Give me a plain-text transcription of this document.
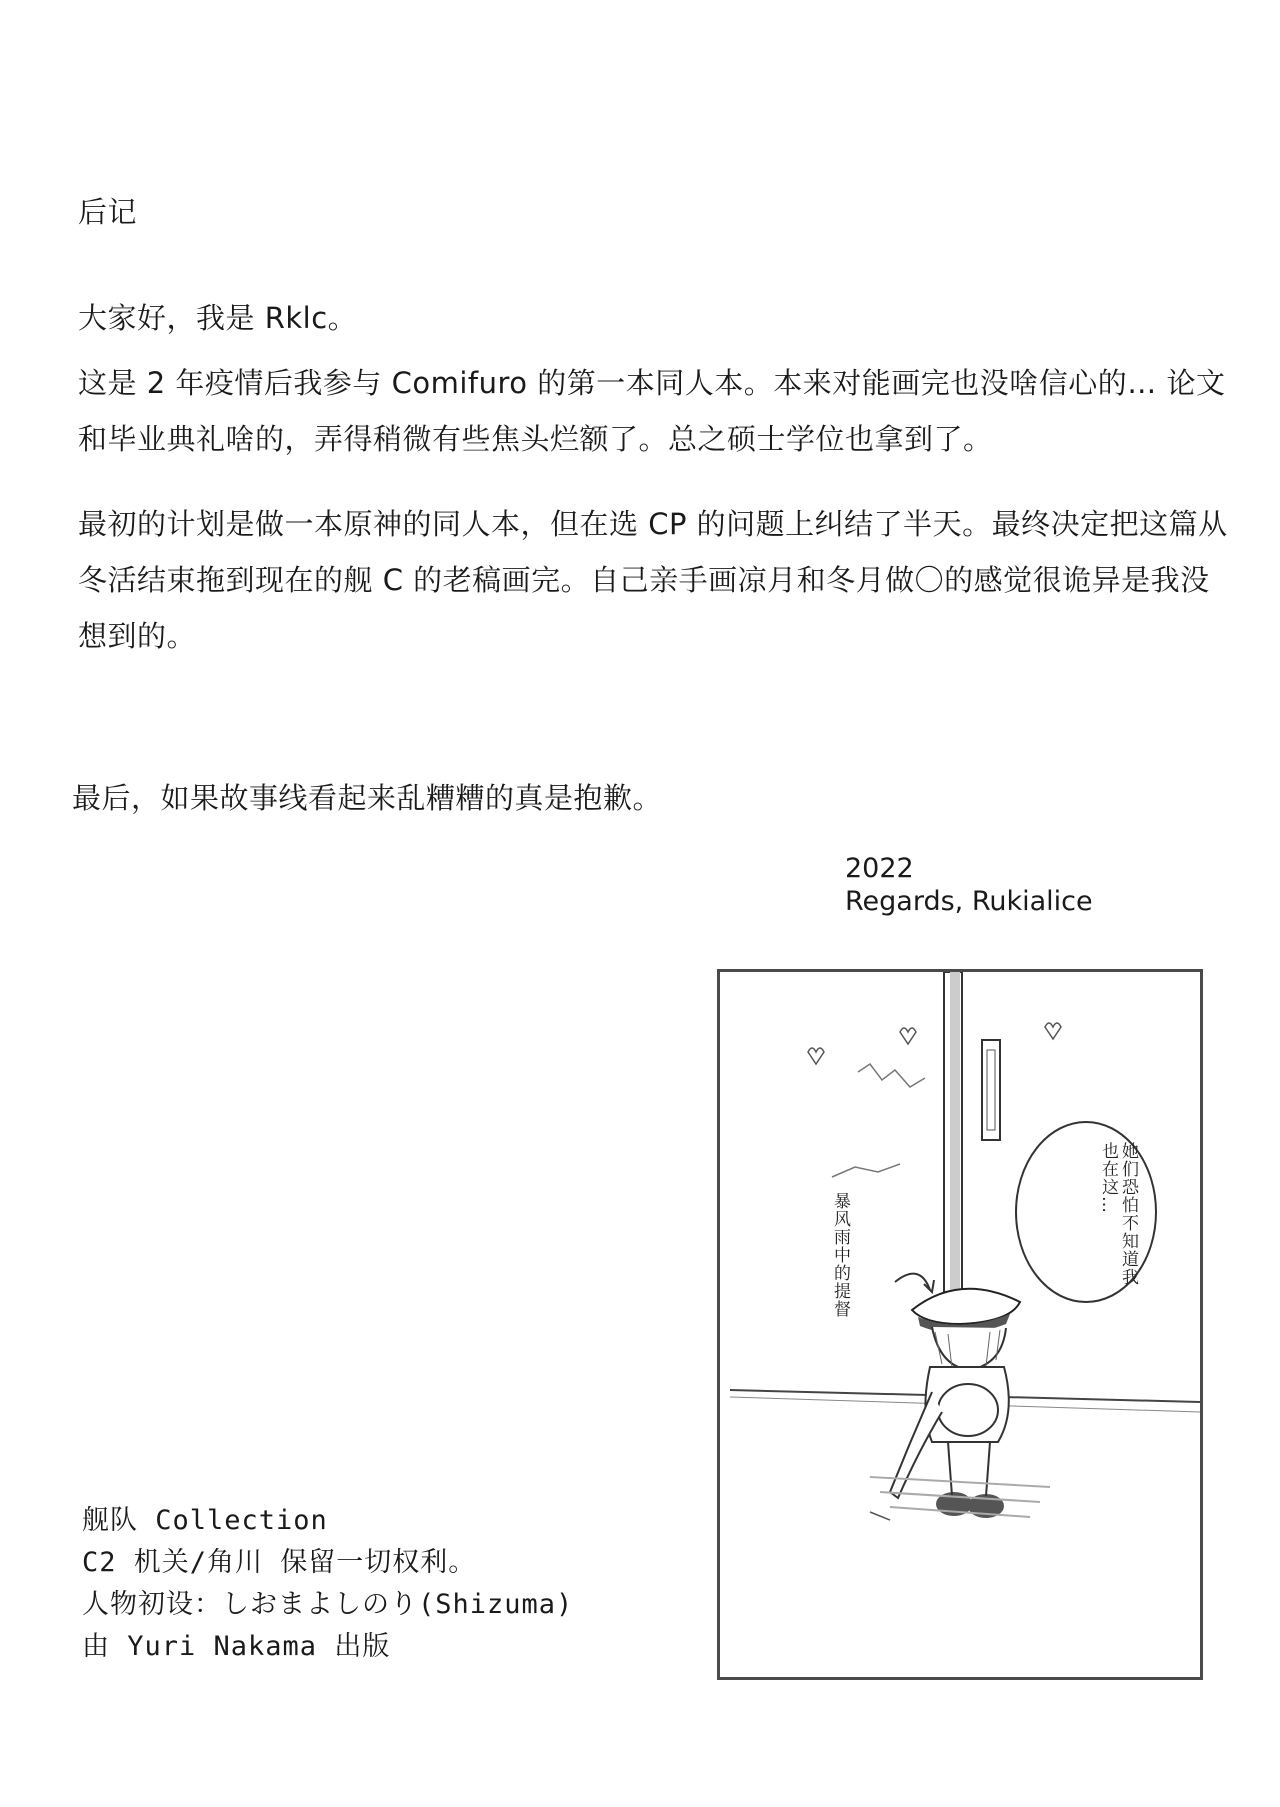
后记
大家好，我是 Rklc。
这是 2 年疫情后我参与 Comifuro 的第一本同人本。本来对能画完也没啥信心的… 论文
和毕业典礼啥的，弄得稍微有些焦头烂额了。总之硕士学位也拿到了。
最初的计划是做一本原神的同人本，但在选 CP 的问题上纠结了半天。最终决定把这篇从
冬活结束拖到现在的舰 C 的老稿画完。自己亲手画凉月和冬月做〇的感觉很诡异是我没
想到的。
最后，如果故事线看起来乱糟糟的真是抱歉。
2022
Regards, Rukialice
舰队 Collection
C2 机关/角川 保留一切权利。
人物初设：しおまよしのり(Shizuma)
由 Yuri Nakama 出版
她们恐怕不知道我也在这…
暴风雨中的提督
